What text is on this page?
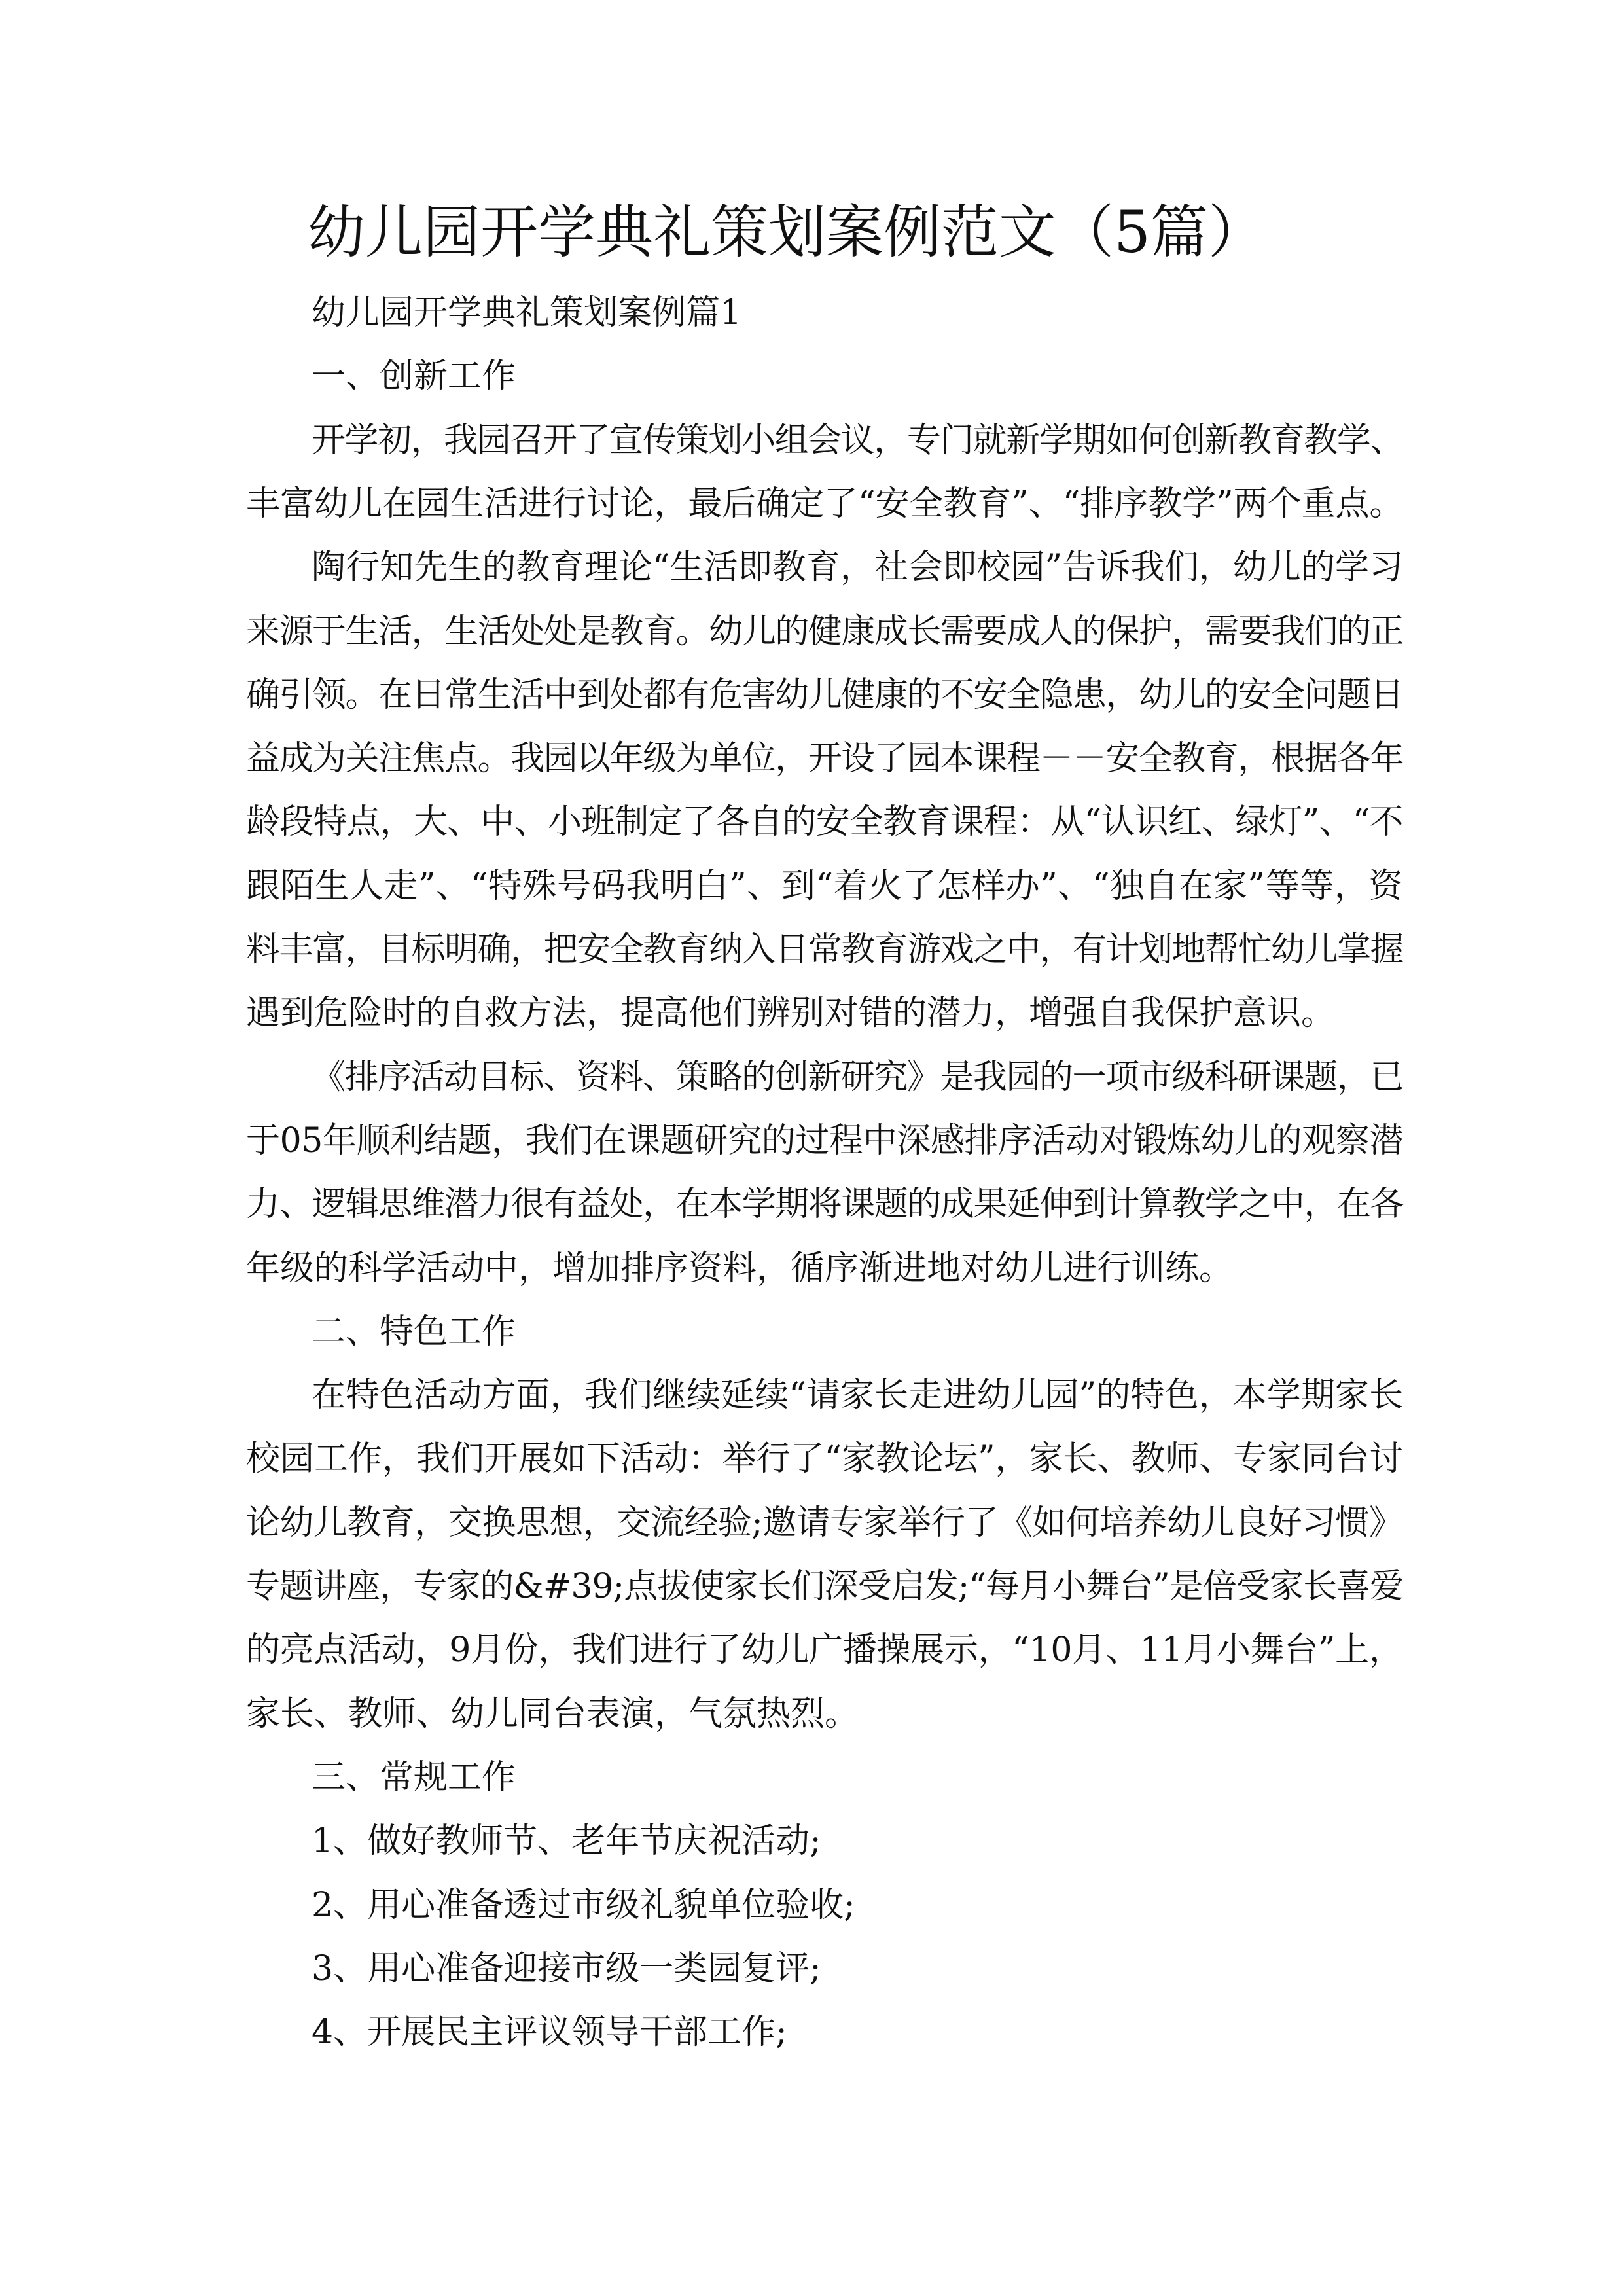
幼儿园开学典礼策划案例范文（5篇）
幼儿园开学典礼策划案例篇1
一、创新工作
开学初，我园召开了宣传策划小组会议，专门就新学期如何创新教育教学、
丰富幼儿在园生活进行讨论，最后确定了“安全教育”、“排序教学”两个重点。
陶行知先生的教育理论“生活即教育，社会即校园”告诉我们，幼儿的学习
来源于生活，生活处处是教育。幼儿的健康成长需要成人的保护，需要我们的正
确引领。在日常生活中到处都有危害幼儿健康的不安全隐患，幼儿的安全问题日
益成为关注焦点。我园以年级为单位，开设了园本课程－－安全教育，根据各年
龄段特点，大、中、小班制定了各自的安全教育课程：从“认识红、绿灯”、“不
跟陌生人走”、“特殊号码我明白”、到“着火了怎样办”、“独自在家”等等，资
料丰富，目标明确，把安全教育纳入日常教育游戏之中，有计划地帮忙幼儿掌握
遇到危险时的自救方法，提高他们辨别对错的潜力，增强自我保护意识。
《排序活动目标、资料、策略的创新研究》是我园的一项市级科研课题，已
于05年顺利结题，我们在课题研究的过程中深感排序活动对锻炼幼儿的观察潜
力、逻辑思维潜力很有益处，在本学期将课题的成果延伸到计算教学之中，在各
年级的科学活动中，增加排序资料，循序渐进地对幼儿进行训练。
二、特色工作
在特色活动方面，我们继续延续“请家长走进幼儿园”的特色，本学期家长
校园工作，我们开展如下活动：举行了“家教论坛”，家长、教师、专家同台讨
论幼儿教育，交换思想，交流经验;邀请专家举行了《如何培养幼儿良好习惯》
专题讲座，专家的&#39;点拔使家长们深受启发;“每月小舞台”是倍受家长喜爱
的亮点活动，9月份，我们进行了幼儿广播操展示，“10月、11月小舞台”上，
家长、教师、幼儿同台表演，气氛热烈。
三、常规工作
1、做好教师节、老年节庆祝活动;
2、用心准备透过市级礼貌单位验收;
3、用心准备迎接市级一类园复评;
4、开展民主评议领导干部工作;
